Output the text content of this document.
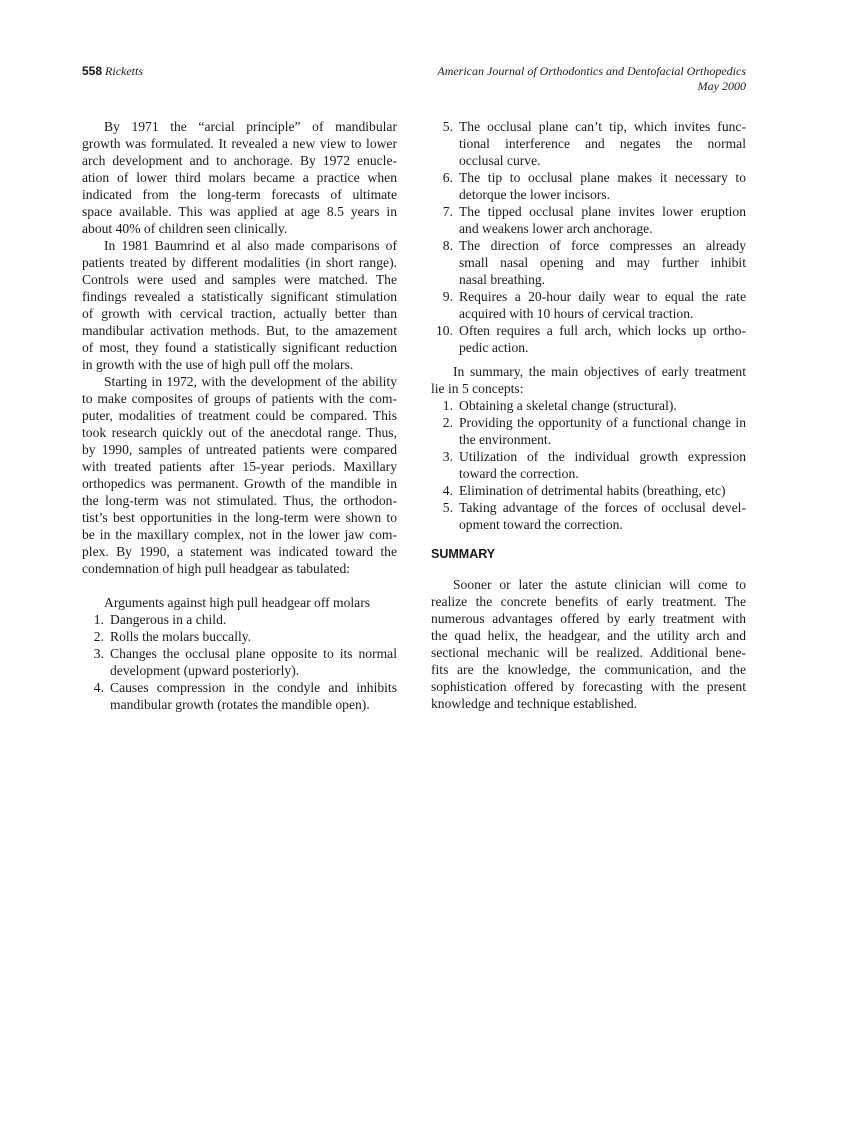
558 Ricketts	American Journal of Orthodontics and Dentofacial Orthopedics
May 2000
By 1971 the “arcial principle” of mandibular
growth was formulated. It revealed a new view to lower
arch development and to anchorage. By 1972 enucle-
ation of lower third molars became a practice when
indicated from the long-term forecasts of ultimate
space available. This was applied at age 8.5 years in
about 40% of children seen clinically.
In 1981 Baumrind et al also made comparisons of
patients treated by different modalities (in short range).
Controls were used and samples were matched. The
findings revealed a statistically significant stimulation
of growth with cervical traction, actually better than
mandibular activation methods. But, to the amazement
of most, they found a statistically significant reduction
in growth with the use of high pull off the molars.
Starting in 1972, with the development of the ability
to make composites of groups of patients with the com-
puter, modalities of treatment could be compared. This
took research quickly out of the anecdotal range. Thus,
by 1990, samples of untreated patients were compared
with treated patients after 15-year periods. Maxillary
orthopedics was permanent. Growth of the mandible in
the long-term was not stimulated. Thus, the orthodon-
tist’s best opportunities in the long-term were shown to
be in the maxillary complex, not in the lower jaw com-
plex. By 1990, a statement was indicated toward the
condemnation of high pull headgear as tabulated:
Arguments against high pull headgear off molars
1. Dangerous in a child.
2. Rolls the molars buccally.
3. Changes the occlusal plane opposite to its normal
development (upward posteriorly).
4. Causes compression in the condyle and inhibits
mandibular growth (rotates the mandible open).
5. The occlusal plane can’t tip, which invites func-
tional interference and negates the normal
occlusal curve.
6. The tip to occlusal plane makes it necessary to
detorque the lower incisors.
7. The tipped occlusal plane invites lower eruption
and weakens lower arch anchorage.
8. The direction of force compresses an already
small nasal opening and may further inhibit
nasal breathing.
9. Requires a 20-hour daily wear to equal the rate
acquired with 10 hours of cervical traction.
10. Often requires a full arch, which locks up ortho-
pedic action.
In summary, the main objectives of early treatment
lie in 5 concepts:
1. Obtaining a skeletal change (structural).
2. Providing the opportunity of a functional change in
the environment.
3. Utilization of the individual growth expression
toward the correction.
4. Elimination of detrimental habits (breathing, etc)
5. Taking advantage of the forces of occlusal devel-
opment toward the correction.
SUMMARY
Sooner or later the astute clinician will come to
realize the concrete benefits of early treatment. The
numerous advantages offered by early treatment with
the quad helix, the headgear, and the utility arch and
sectional mechanic will be realized. Additional bene-
fits are the knowledge, the communication, and the
sophistication offered by forecasting with the present
knowledge and technique established.
